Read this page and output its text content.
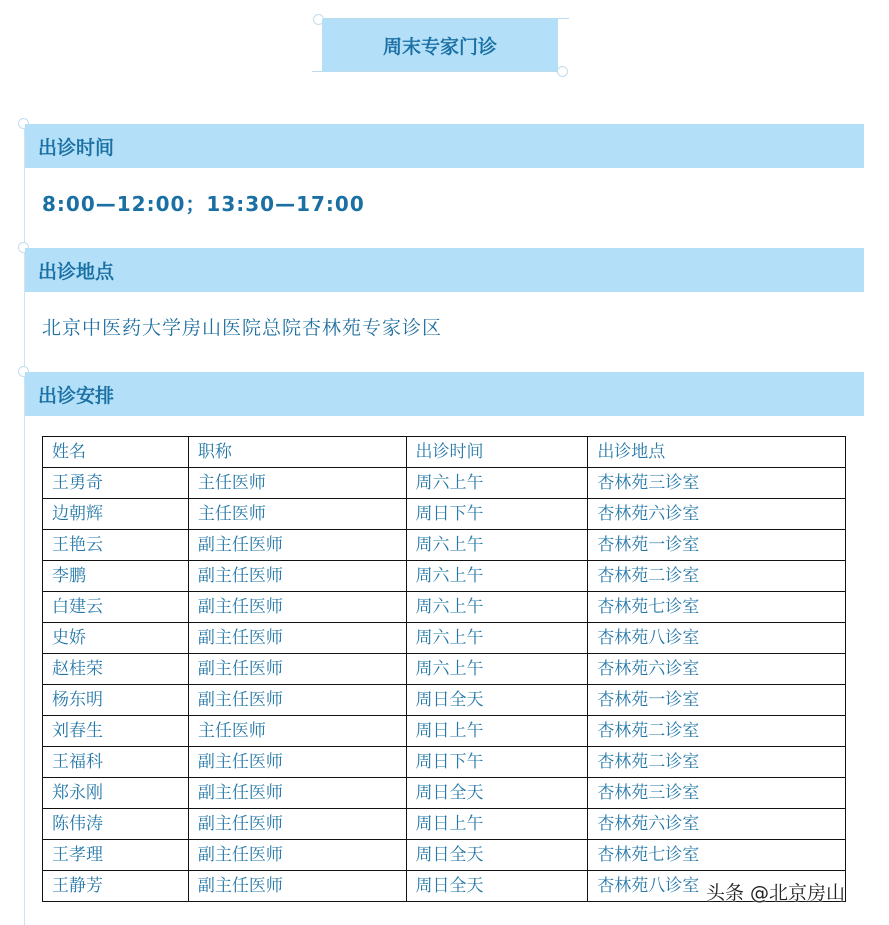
周末专家门诊
出诊时间
8:00—12:00；13:30—17:00
出诊地点
北京中医药大学房山医院总院杏林苑专家诊区
出诊安排
姓名	职称	出诊时间	出诊地点
王勇奇	主任医师	周六上午	杏林苑三诊室
边朝辉	主任医师	周日下午	杏林苑六诊室
王艳云	副主任医师	周六上午	杏林苑一诊室
李鹏	副主任医师	周六上午	杏林苑二诊室
白建云	副主任医师	周六上午	杏林苑七诊室
史娇	副主任医师	周六上午	杏林苑八诊室
赵桂荣	副主任医师	周六上午	杏林苑六诊室
杨东明	副主任医师	周日全天	杏林苑一诊室
刘春生	主任医师	周日上午	杏林苑二诊室
王福科	副主任医师	周日下午	杏林苑二诊室
郑永刚	副主任医师	周日全天	杏林苑三诊室
陈伟涛	副主任医师	周日上午	杏林苑六诊室
王孝理	副主任医师	周日全天	杏林苑七诊室
王静芳	副主任医师	周日全天	杏林苑八诊室 头条 @北京房山
